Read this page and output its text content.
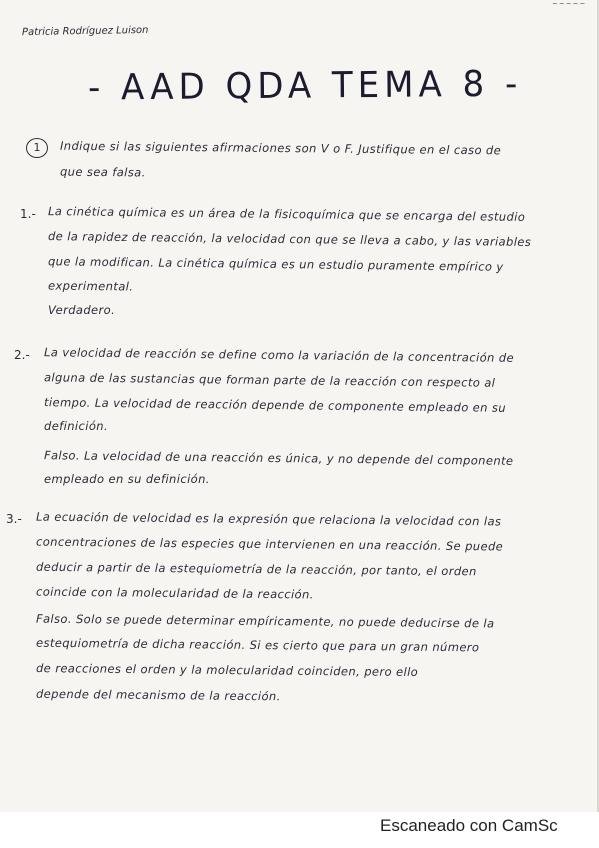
~~~~~
Patricia Rodríguez Luison
- AAD QDA TEMA 8 -
1	Indique si las siguientes afirmaciones son V o F. Justifique en el caso de
que sea falsa.
1.- La cinética química es un área de la fisicoquímica que se encarga del estudio
de la rapidez de reacción, la velocidad con que se lleva a cabo, y las variables
que la modifican. La cinética química es un estudio puramente empírico y
experimental.
Verdadero.
2.- La velocidad de reacción se define como la variación de la concentración de
alguna de las sustancias que forman parte de la reacción con respecto al
tiempo. La velocidad de reacción depende de componente empleado en su
definición.
Falso. La velocidad de una reacción es única, y no depende del componente
empleado en su definición.
3.- La ecuación de velocidad es la expresión que relaciona la velocidad con las
concentraciones de las especies que intervienen en una reacción. Se puede
deducir a partir de la estequiometría de la reacción, por tanto, el orden
coincide con la molecularidad de la reacción.
Falso. Solo se puede determinar empíricamente, no puede deducirse de la
estequiometría de dicha reacción. Si es cierto que para un gran número
de reacciones el orden y la molecularidad coinciden, pero ello
depende del mecanismo de la reacción.
Escaneado con CamSc
